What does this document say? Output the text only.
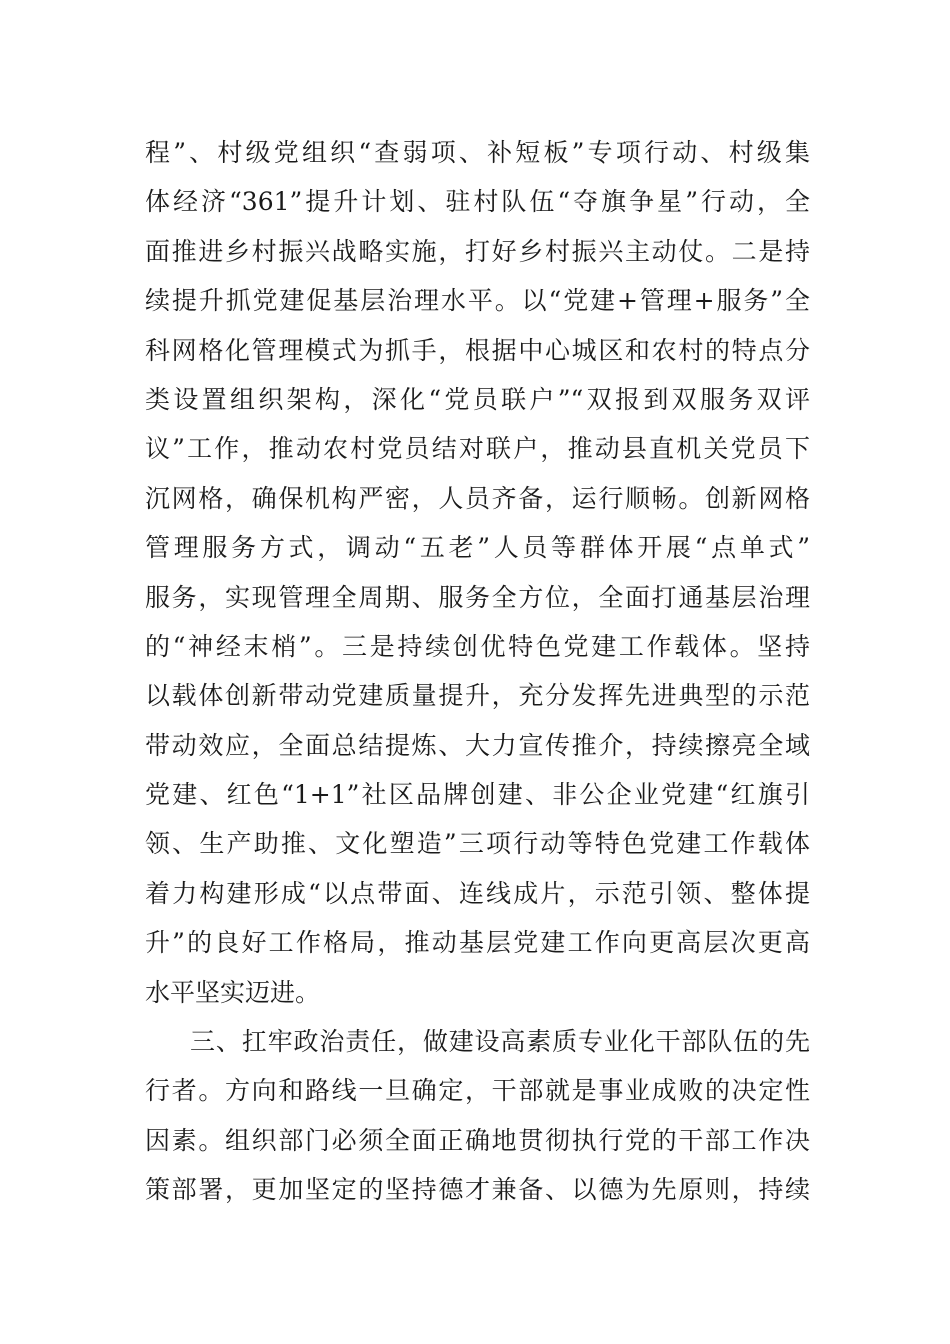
程”、村级党组织“查弱项、补短板”专项行动、村级集
体经济“361”提升计划、驻村队伍“夺旗争星”行动，全
面推进乡村振兴战略实施，打好乡村振兴主动仗。二是持
续提升抓党建促基层治理水平。以“党建+管理+服务”全
科网格化管理模式为抓手，根据中心城区和农村的特点分
类设置组织架构，深化“党员联户”“双报到双服务双评
议”工作，推动农村党员结对联户，推动县直机关党员下
沉网格，确保机构严密，人员齐备，运行顺畅。创新网格
管理服务方式，调动“五老”人员等群体开展“点单式”
服务，实现管理全周期、服务全方位，全面打通基层治理
的“神经末梢”。三是持续创优特色党建工作载体。坚持
以载体创新带动党建质量提升，充分发挥先进典型的示范
带动效应，全面总结提炼、大力宣传推介，持续擦亮全域
党建、红色“1+1”社区品牌创建、非公企业党建“红旗引
领、生产助推、文化塑造”三项行动等特色党建工作载体
着力构建形成“以点带面、连线成片，示范引领、整体提
升”的良好工作格局，推动基层党建工作向更高层次更高
水平坚实迈进。
三、扛牢政治责任，做建设高素质专业化干部队伍的先
行者。方向和路线一旦确定，干部就是事业成败的决定性
因素。组织部门必须全面正确地贯彻执行党的干部工作决
策部署，更加坚定的坚持德才兼备、以德为先原则，持续
